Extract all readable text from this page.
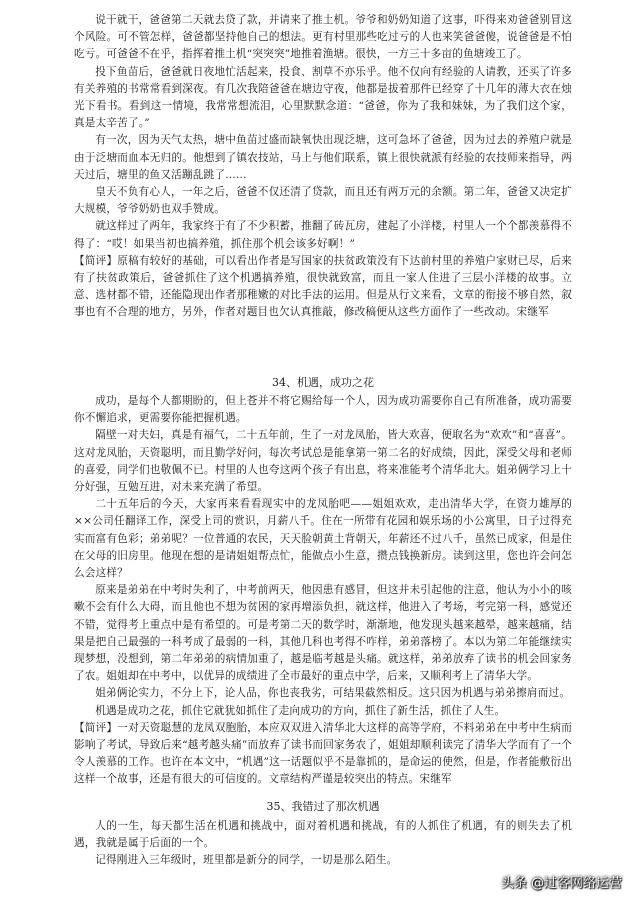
说干就干，爸爸第二天就去贷了款，并请来了推土机。爷爷和奶奶知道了这事，吓得来劝爸爸别冒这个风险。可不管怎样，爸爸都坚持他自己的想法。更有村里那些吃过亏的人也来笑爸爸傻，说爸爸是不怕吃亏。可爸爸不在乎，指挥着推土机“突突突”地推着渔塘。很快，一方三十多亩的鱼塘竣工了。

投下鱼苗后，爸爸就日夜地忙活起来，投食、割草不亦乐乎。他不仅向有经验的人请教，还买了许多有关养殖的书常常看到深夜。有几次我陪爸爸在塘边守夜，他都是拔着那件已经穿了十几年的薄大衣在烛光下看书。看到这一情境，我常常想流泪，心里默默念道：“爸爸，你为了我和妹妹，为了我们这个家，真是太辛苦了。”

有一次，因为天气太热，塘中鱼苗过盛而缺氧快出现泛塘，这可急坏了爸爸，因为过去的养殖户就是由于泛塘而血本无归的。他想到了镇农技站，马上与他们联系，镇上很快就派有经验的农技师来指导，两天过后，塘里的鱼又活蹦乱跳了……

皇天不负有心人，一年之后，爸爸不仅还清了贷款，而且还有两万元的余额。第二年，爸爸又决定扩大规模，爷爷奶奶也双手赞成。

就这样过了两年，我家终于有了不少积蓄，推翻了砖瓦房，建起了小洋楼，村里人一个个都羡慕得不得了：“哎！如果当初也搞养殖，抓住那个机会该多好啊！”

【简评】原稿有较好的基础，可以看出作者是写国家的扶贫政策没有下达前村里的养殖户家财已尽，后来有了扶贫政策后，爸爸抓住了这个机遇搞养殖，很快就致富，而且一家人住进了三层小洋楼的故事。立意、选材都不错，还能隐现出作者那稚嫩的对比手法的运用。但是从行文来看，文章的衔接不够自然，叙事也有不合理的地方，另外，作者对题目也欠认真推敲，修改稿便从这些方面作了一些改动。宋继军

34、机遇，成功之花

成功，是每个人都期盼的，但上苍并不将它赐给每一个人，因为成功需要你自己有所准备，成功需要你不懈追求，更需要你能把握机遇。

隔壁一对夫妇，真是有福气，二十五年前，生了一对龙凤胎，皆大欢喜，便取名为“欢欢”和“喜喜”。这对龙凤胎，天资聪明，而且勤学好问，每次考试总是能拿第一第二名的好成绩，因此，深受父母和老师的喜爱，同学们也敬佩不已。村里的人也夸这两个孩子有出息，将来准能考个清华北大。姐弟俩学习上十分好强，互勉互进，对未来充满了希望。

二十五年后的今天，大家再来看看现实中的龙凤胎吧——姐姐欢欢，走出清华大学，在资力雄厚的××公司任翻译工作，深受上司的赏识，月薪八千。住在一所带有花园和娱乐场的小公寓里，日子过得充实而富有色彩；弟弟呢？一位普通的农民，天天脸朝黄土背朝天，年薪还不过八千，虽然已成家，但是住在父母的旧房里。他现在想的是请姐姐帮点忙，能做点小生意，攒点钱换新房。读到这里，您也许会问怎么会这样？

原来是弟弟在中考时失利了，中考前两天，他因患有感冒，但这并未引起他的注意，他认为小小的咳嗽不会有什么大碍，而且他也不想为贫困的家再增添负担，就这样，他进入了考场，考完第一科，感觉还不错，觉得考上重点中是有希望的。可是考第二天的数学时，渐渐地，他发现头越来越晕，越来越痛，结果是把自己最强的一科考成了最弱的一科，其他几科也考得不咋样，弟弟落榜了。本以为第二年能继续实现梦想，没想到，第二年弟弟的病情加重了，越是临考越是头痛。就这样，弟弟放弃了读书的机会回家务了农。姐姐却在中考中，以优异的成绩进了全市最好的重点中学，后来，又顺利考上了清华大学。

姐弟俩论实力，不分上下，论人品，你也丧我劣，可结果截然相反。这只因为机遇与弟弟擦肩而过。

机遇是成功之花，抓住它就犹如抓住了走向成功的方向，抓住了新生活，抓住了人生。

【简评】一对天资聪慧的龙凤双胞胎，本应双双进入清华北大这样的高等学府，不料弟弟在中考中生病而影响了考试，导致后来“越考越头痛”而放弃了读书而回家务农了，姐姐却顺利读完了清华大学而有了一个令人羡慕的工作。也许在本文中，“机遇”这一话题似乎不是靠抓的，是命运的使然，但是，作者能敷衍出这样一个故事，还是有很大的可信度的。文章结构严谨是较突出的特点。宋继军

35、我错过了那次机遇

人的一生，每天都生活在机遇和挑战中，面对着机遇和挑战，有的人抓住了机遇，有的则失去了机遇，我就是属于后面的一个。

记得刚进入三年级时，班里都是新分的同学，一切是那么陌生。

头条 @过客网络运营
